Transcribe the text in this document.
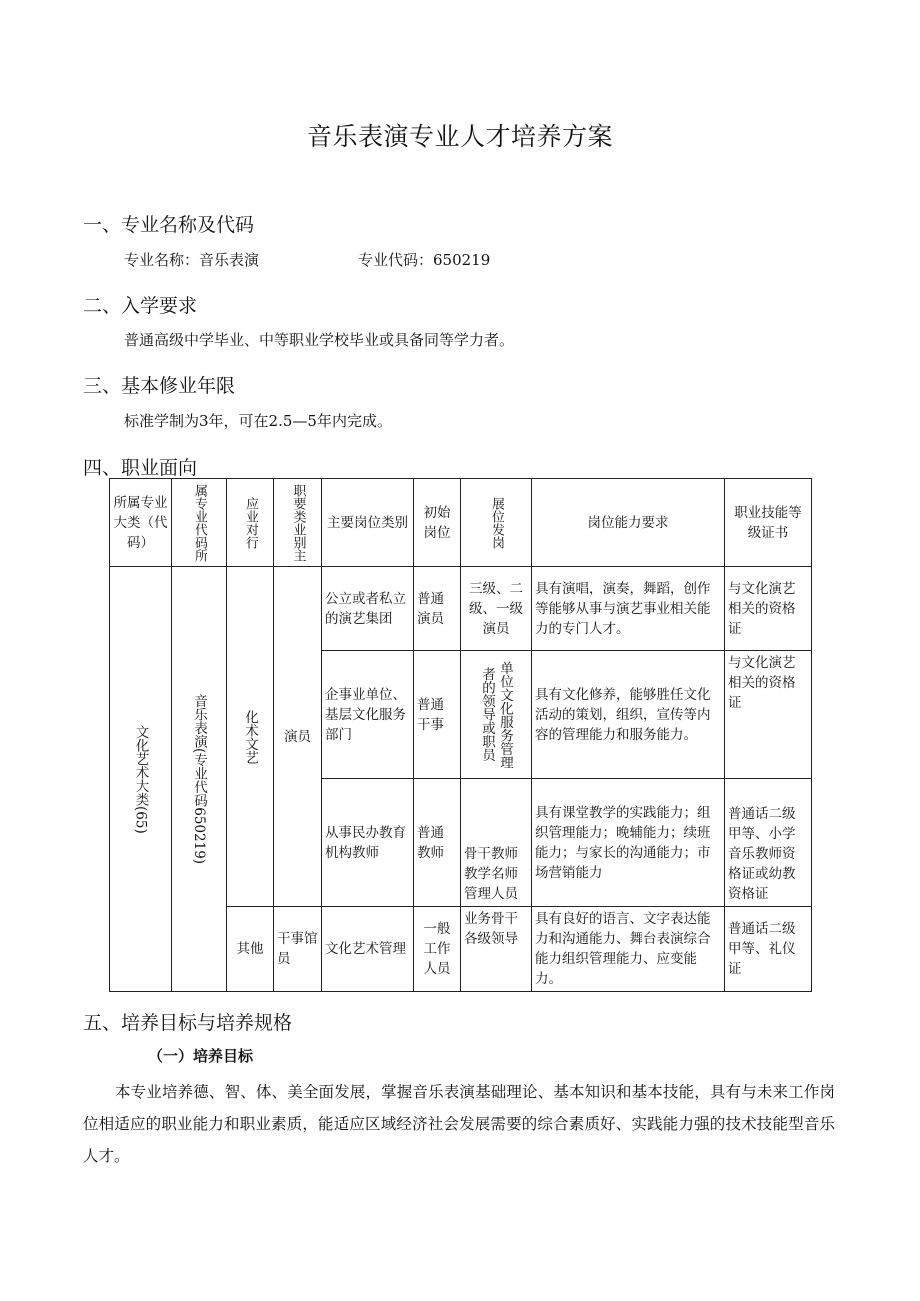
音乐表演专业人才培养方案
一、专业名称及代码
专业名称：音乐表演	专业代码：650219
二、入学要求
普通高级中学毕业、中等职业学校毕业或具备同等学力者。
三、基本修业年限
标准学制为3年，可在2.5—5年内完成。
四、职业面向
所属专业大类（代码）	属专业代码所	应业对行	职要类业别主	主要岗位类别	初始岗位	展位发岗	岗位能力要求	职业技能等级证书

文化艺术大类(65)	音乐表演(专业代码650219)	化术文艺	演员	公立或者私立的演艺集团	普通演员	三级、二级、一级演员	具有演唱，演奏，舞蹈，创作等能够从事与演艺事业相关能力的专门人才。	与文化演艺相关的资格证
				企事业单位、基层文化服务部门	普通干事	单位文化服务管理者的领导或职员	具有文化修养，能够胜任文化活动的策划，组织，宣传等内容的管理能力和服务能力。	与文化演艺相关的资格证
				从事民办教育机构教师	普通教师	骨干教师教学名师管理人员	具有课堂教学的实践能力；组织管理能力；晚辅能力；续班能力；与家长的沟通能力；市场营销能力	普通话二级甲等、小学音乐教师资格证或幼教资格证
		其他	干事馆员	文化艺术管理	一般工作人员	业务骨干各级领导	具有良好的语言、文字表达能力和沟通能力、舞台表演综合能力组织管理能力、应变能力。	普通话二级甲等、礼仪证
五、培养目标与培养规格
（一）培养目标
本专业培养德、智、体、美全面发展，掌握音乐表演基础理论、基本知识和基本技能，具有与未来工作岗位相适应的职业能力和职业素质，能适应区域经济社会发展需要的综合素质好、实践能力强的技术技能型音乐人才。
